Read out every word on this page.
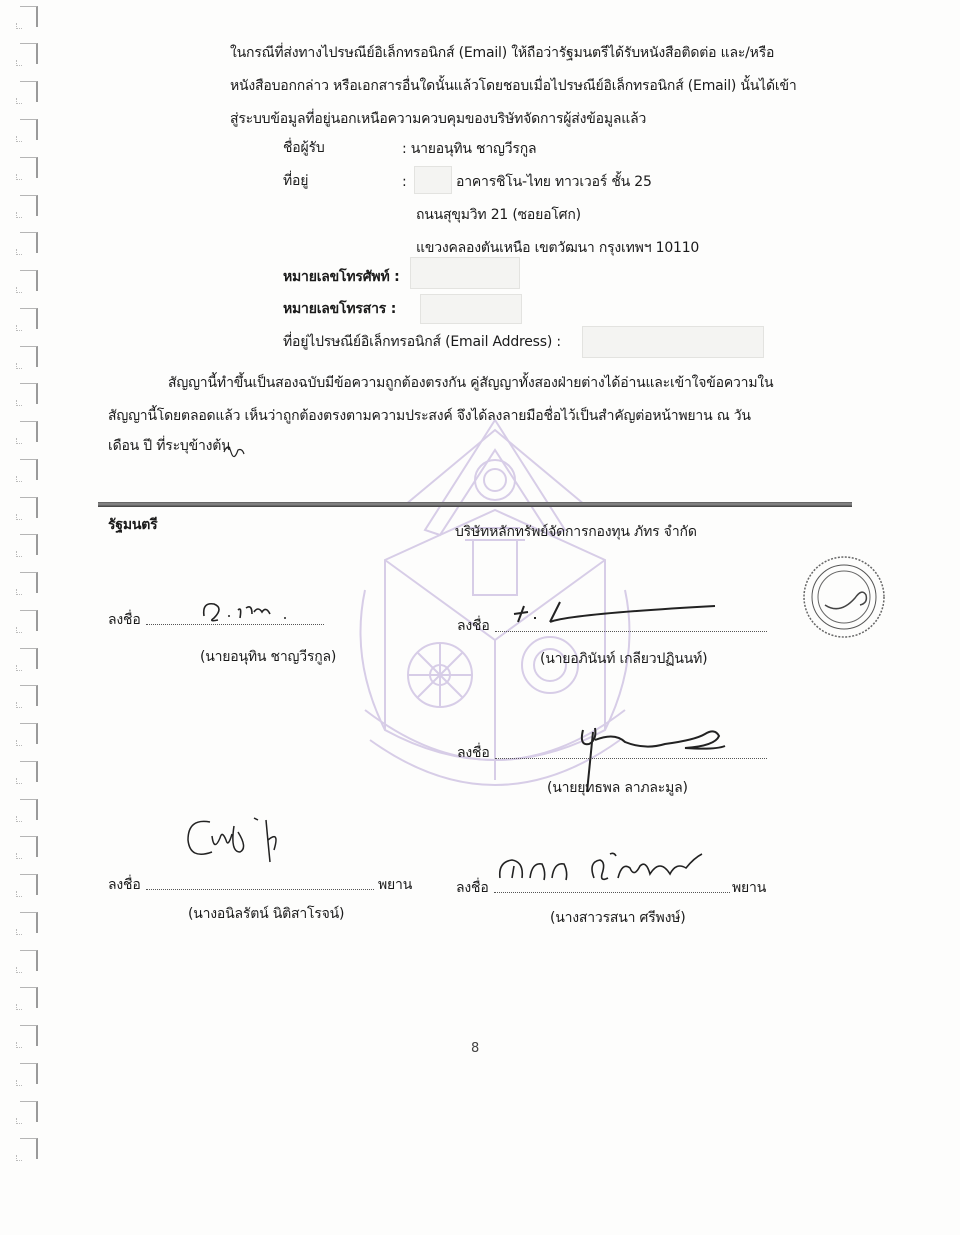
ในกรณีที่ส่งทางไปรษณีย์อิเล็กทรอนิกส์ (Email) ให้ถือว่ารัฐมนตรีได้รับหนังสือติดต่อ และ/หรือ
หนังสือบอกกล่าว หรือเอกสารอื่นใดนั้นแล้วโดยชอบเมื่อไปรษณีย์อิเล็กทรอนิกส์ (Email) นั้นได้เข้า
สู่ระบบข้อมูลที่อยู่นอกเหนือความควบคุมของบริษัทจัดการผู้ส่งข้อมูลแล้ว
ชื่อผู้รับ	: นายอนุทิน ชาญวีรกูล
ที่อยู่	:	อาคารชิโน-ไทย ทาวเวอร์ ชั้น 25
ถนนสุขุมวิท 21 (ซอยอโศก)
แขวงคลองตันเหนือ เขตวัฒนา กรุงเทพฯ 10110
หมายเลขโทรศัพท์ :
หมายเลขโทรสาร :
ที่อยู่ไปรษณีย์อิเล็กทรอนิกส์ (Email Address) :
สัญญานี้ทำขึ้นเป็นสองฉบับมีข้อความถูกต้องตรงกัน คู่สัญญาทั้งสองฝ่ายต่างได้อ่านและเข้าใจข้อความใน
สัญญานี้โดยตลอดแล้ว เห็นว่าถูกต้องตรงตามความประสงค์ จึงได้ลงลายมือชื่อไว้เป็นสำคัญต่อหน้าพยาน ณ วัน
เดือน ปี ที่ระบุข้างต้น
รัฐมนตรี	บริษัทหลักทรัพย์จัดการกองทุน ภัทร จำกัด
ลงชื่อ
(นายอนุทิน ชาญวีรกูล)
ลงชื่อ
(นายอภินันท์ เกลียวปฏินนท์)
ลงชื่อ
(นายยุทธพล ลาภละมูล)
ลงชื่อ	พยาน
(นางอนิลรัตน์ นิติสาโรจน์)
ลงชื่อ	พยาน
(นางสาวรสนา ศรีพงษ์)
8
